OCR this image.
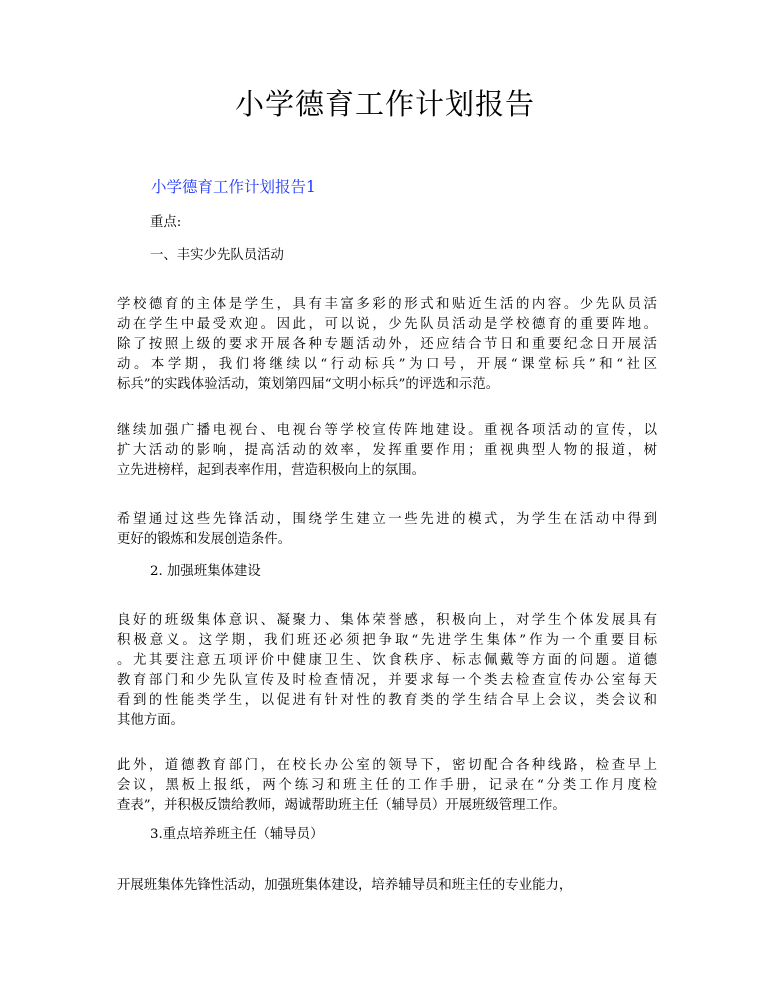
小学德育工作计划报告
小学德育工作计划报告1
重点:
一、丰实少先队员活动
学校德育的主体是学生，具有丰富多彩的形式和贴近生活的内容。少先队员活
动在学生中最受欢迎。因此，可以说，少先队员活动是学校德育的重要阵地。
除了按照上级的要求开展各种专题活动外，还应结合节日和重要纪念日开展活
动。本学期，我们将继续以“行动标兵”为口号，开展“课堂标兵”和“社区
标兵”的实践体验活动，策划第四届“文明小标兵”的评选和示范。
继续加强广播电视台、电视台等学校宣传阵地建设。重视各项活动的宣传，以
扩大活动的影响，提高活动的效率，发挥重要作用；重视典型人物的报道，树
立先进榜样，起到表率作用，营造积极向上的氛围。
希望通过这些先锋活动，围绕学生建立一些先进的模式，为学生在活动中得到
更好的锻炼和发展创造条件。
2. 加强班集体建设
良好的班级集体意识、凝聚力、集体荣誉感，积极向上，对学生个体发展具有
积极意义。这学期，我们班还必须把争取“先进学生集体”作为一个重要目标
。尤其要注意五项评价中健康卫生、饮食秩序、标志佩戴等方面的问题。道德
教育部门和少先队宣传及时检查情况，并要求每一个类去检查宣传办公室每天
看到的性能类学生，以促进有针对性的教育类的学生结合早上会议，类会议和
其他方面。
此外，道德教育部门，在校长办公室的领导下，密切配合各种线路，检查早上
会议，黑板上报纸，两个练习和班主任的工作手册，记录在“分类工作月度检
查表”，并积极反馈给教师，竭诚帮助班主任（辅导员）开展班级管理工作。
3.重点培养班主任（辅导员）
开展班集体先锋性活动，加强班集体建设，培养辅导员和班主任的专业能力，
